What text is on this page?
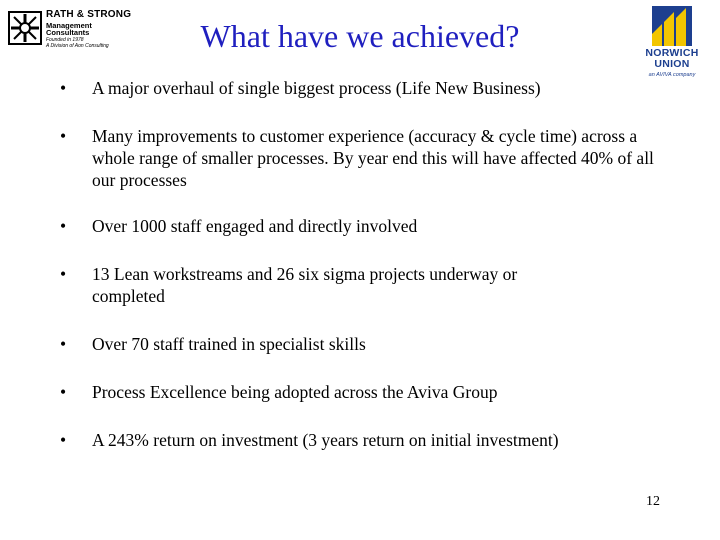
RATH & STRONG
Management Consultants
Founded in 1978
A Division of Aon Consulting	What have we achieved?	NORWICH
UNION
an AVIVA company
•	A major overhaul of single biggest process (Life New Business)
•	Many improvements to customer experience (accuracy & cycle time) across a whole range of smaller processes. By year end this will have affected 40% of all our processes
•	Over 1000 staff engaged and directly involved
•	13 Lean workstreams and 26 six sigma projects underway or completed
•	Over 70 staff trained in specialist skills
•	Process Excellence being adopted across the Aviva Group
•	A 243% return on investment (3 years return on initial investment)
12
